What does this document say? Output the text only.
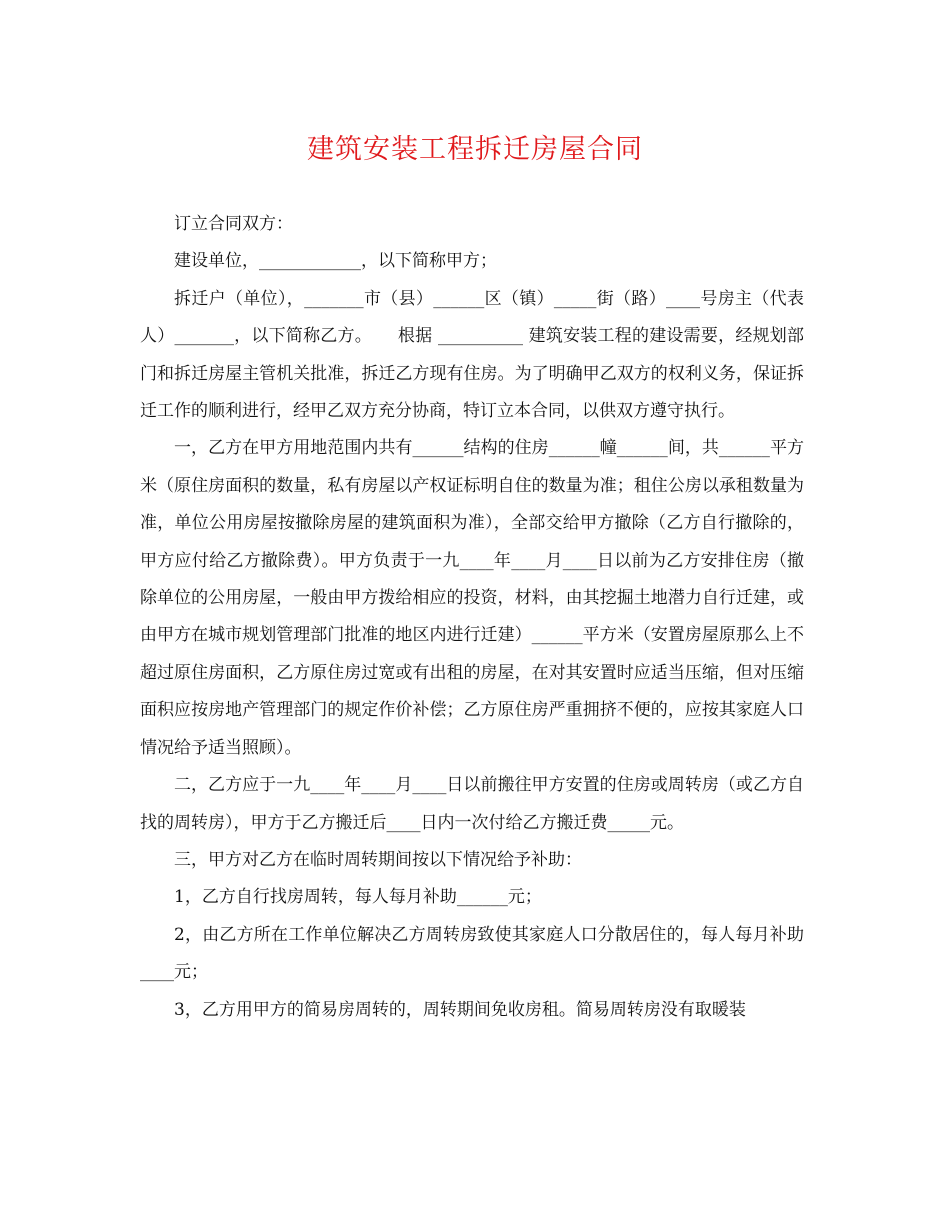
建筑安装工程拆迁房屋合同

订立合同双方：

建设单位，____________，以下简称甲方；

拆迁户（单位），_______市（县）______区（镇）_____街（路）____号房主（代表人）_______，以下简称乙方。　　根据 __________ 建筑安装工程的建设需要，经规划部门和拆迁房屋主管机关批准，拆迁乙方现有住房。为了明确甲乙双方的权利义务，保证拆迁工作的顺利进行，经甲乙双方充分协商，特订立本合同，以供双方遵守执行。

一，乙方在甲方用地范围内共有______结构的住房______幢______间，共______平方米（原住房面积的数量，私有房屋以产权证标明自住的数量为准；租住公房以承租数量为准，单位公用房屋按撤除房屋的建筑面积为准），全部交给甲方撤除（乙方自行撤除的，甲方应付给乙方撤除费）。甲方负责于一九____年____月____日以前为乙方安排住房（撤除单位的公用房屋，一般由甲方拨给相应的投资，材料，由其挖掘土地潜力自行迁建，或由甲方在城市规划管理部门批准的地区内进行迁建）______平方米（安置房屋原那么上不超过原住房面积，乙方原住房过宽或有出租的房屋，在对其安置时应适当压缩，但对压缩面积应按房地产管理部门的规定作价补偿；乙方原住房严重拥挤不便的，应按其家庭人口情况给予适当照顾）。

二，乙方应于一九____年____月____日以前搬往甲方安置的住房或周转房（或乙方自找的周转房），甲方于乙方搬迁后____日内一次付给乙方搬迁费_____元。

三，甲方对乙方在临时周转期间按以下情况给予补助：

1，乙方自行找房周转，每人每月补助______元；

2，由乙方所在工作单位解决乙方周转房致使其家庭人口分散居住的，每人每月补助____元；

3，乙方用甲方的简易房周转的，周转期间免收房租。简易周转房没有取暖装
